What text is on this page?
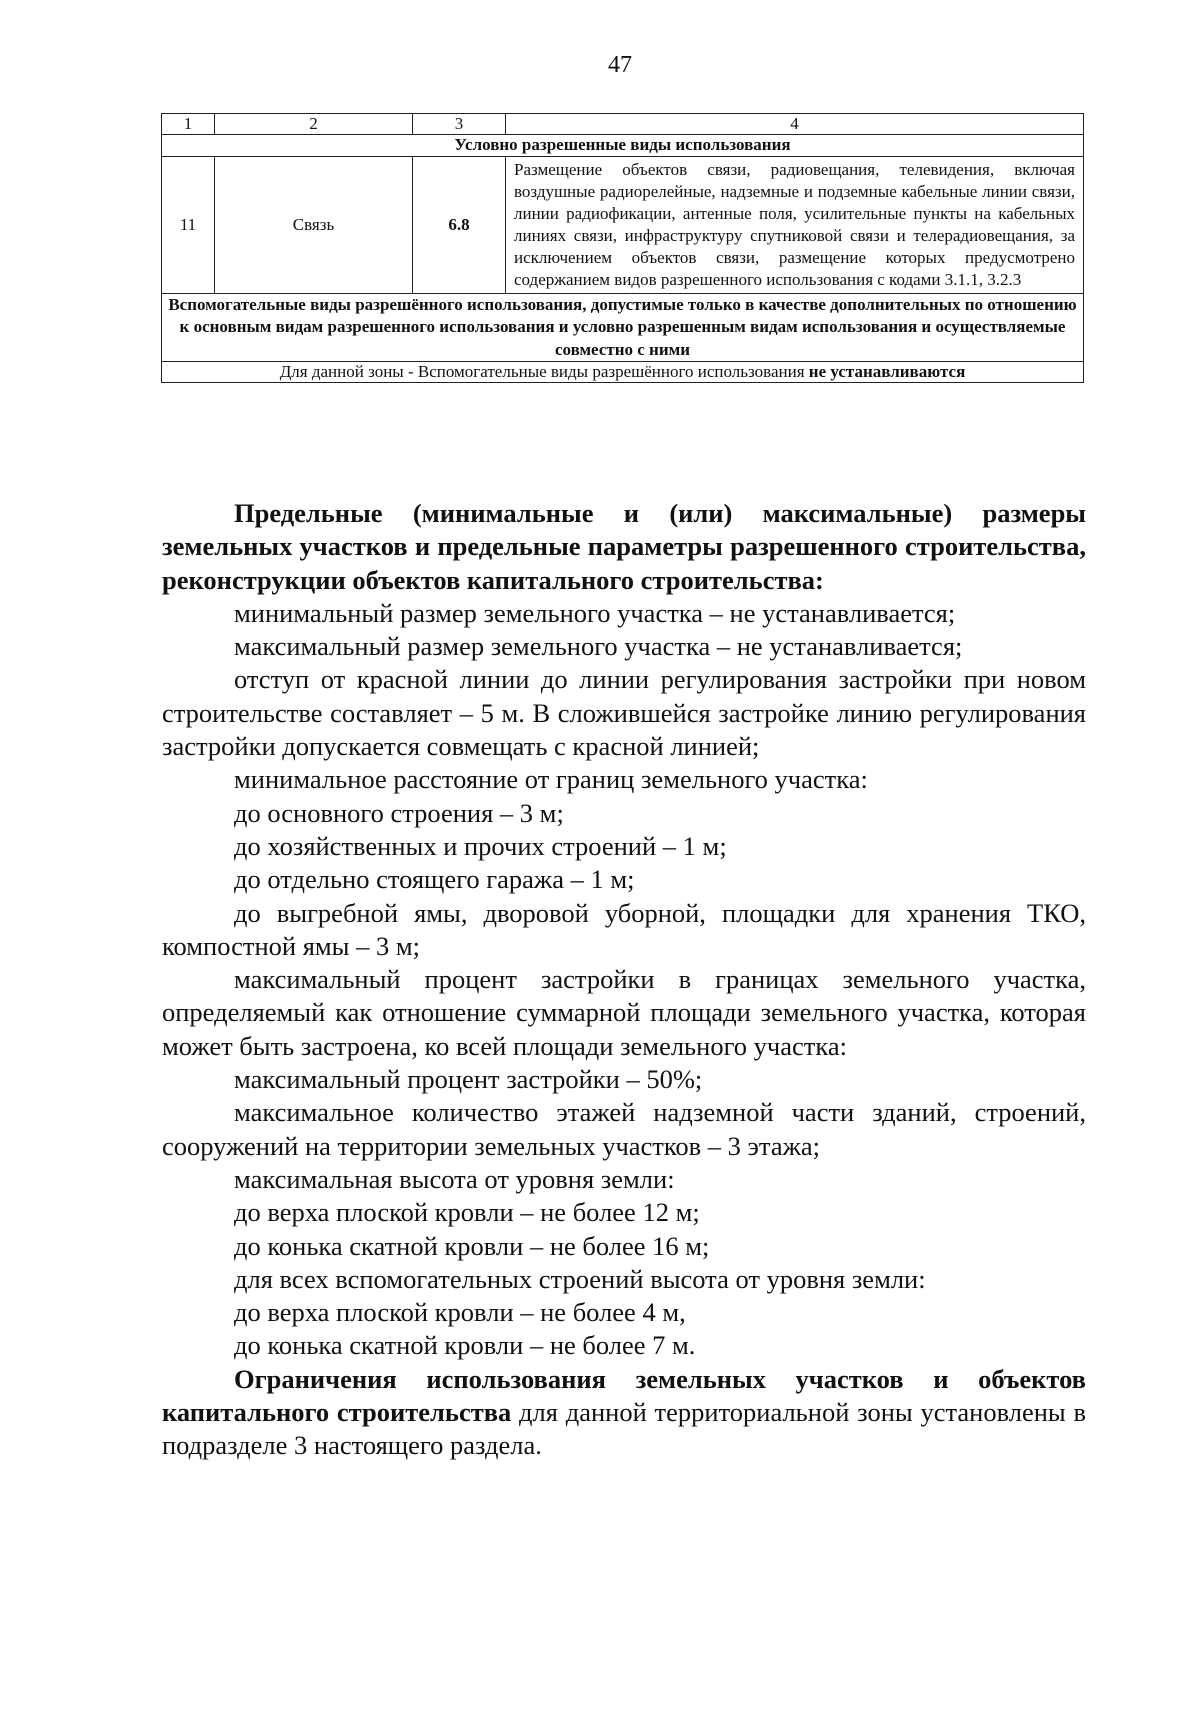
47
1	2	3	4
Условно разрешенные виды использования			
11	Связь	6.8	Размещение объектов связи, радиовещания, телевидения, включая воздушные радиорелейные, надземные и подземные кабельные линии связи, линии радиофикации, антенные поля, усилительные пункты на кабельных линиях связи, инфраструктуру спутниковой связи и телерадиовещания, за исключением объектов связи, размещение которых предусмотрено содержанием видов разрешенного использования с кодами 3.1.1, 3.2.3
Вспомогательные виды разрешённого использования, допустимые только в качестве дополнительных по отношению к основным видам разрешенного использования и условно разрешенным видам использования и осуществляемые совместно с ними			
Для данной зоны - Вспомогательные виды разрешённого использования не устанавливаются			

Предельные (минимальные и (или) максимальные) размеры земельных участков и предельные параметры разрешенного строительства, реконструкции объектов капитального строительства:

минимальный размер земельного участка – не устанавливается;

максимальный размер земельного участка – не устанавливается;

отступ от красной линии до линии регулирования застройки при новом строительстве составляет – 5 м. В сложившейся застройке линию регулирования застройки допускается совмещать с красной линией;

минимальное расстояние от границ земельного участка:

до основного строения – 3 м;

до хозяйственных и прочих строений – 1 м;

до отдельно стоящего гаража – 1 м;

до выгребной ямы, дворовой уборной, площадки для хранения ТКО, компостной ямы – 3 м;

максимальный процент застройки в границах земельного участка, определяемый как отношение суммарной площади земельного участка, которая может быть застроена, ко всей площади земельного участка:

максимальный процент застройки – 50%;

максимальное количество этажей надземной части зданий, строений, сооружений на территории земельных участков – 3 этажа;

максимальная высота от уровня земли:

до верха плоской кровли – не более 12 м;

до конька скатной кровли – не более 16 м;

для всех вспомогательных строений высота от уровня земли:

до верха плоской кровли – не более 4 м,

до конька скатной кровли – не более 7 м.

Ограничения использования земельных участков и объектов капитального строительства для данной территориальной зоны установлены в подразделе 3 настоящего раздела.
